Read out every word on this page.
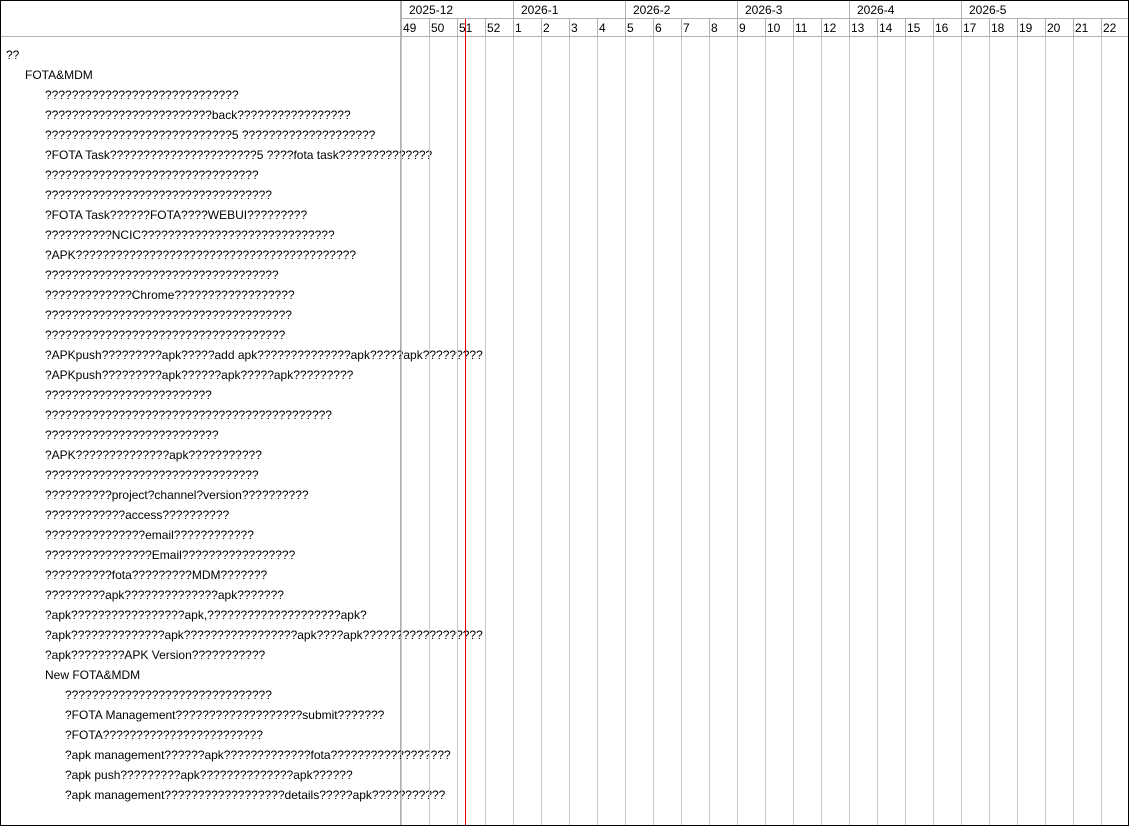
??
FOTA&MDM
?????????????????????????????
?????????????????????????back?????????????????
????????????????????????????5 ????????????????????
?FOTA Task??????????????????????5 ????fota task??????????????
????????????????????????????????
??????????????????????????????????
?FOTA Task??????FOTA????WEBUI?????????
??????????NCIC?????????????????????????????
?APK??????????????????????????????????????????
???????????????????????????????????
?????????????Chrome??????????????????
?????????????????????????????????????
????????????????????????????????????
?APKpush?????????apk?????add apk??????????????apk?????apk?????????
?APKpush?????????apk??????apk?????apk?????????
?????????????????????????
???????????????????????????????????????????
??????????????????????????
?APK??????????????apk???????????
????????????????????????????????
??????????project?channel?version??????????
????????????access??????????
???????????????email????????????
????????????????Email?????????????????
??????????fota?????????MDM???????
?????????apk??????????????apk???????
?apk?????????????????apk,????????????????????apk?
?apk??????????????apk?????????????????apk????apk??????????????????
?apk????????APK Version???????????
New FOTA&MDM
???????????????????????????????
?FOTA Management???????????????????submit???????
?FOTA????????????????????????
?apk management??????apk?????????????fota??????????????????
?apk push?????????apk??????????????apk??????
?apk management??????????????????details?????apk???????????
2025-12	2026-1	2026-2	2026-3	2026-4	2026-5
49	50	51	52	1	2	3	4	5	6	7	8	9	10	11	12	13	14	15	16	17	18	19	20	21	22
